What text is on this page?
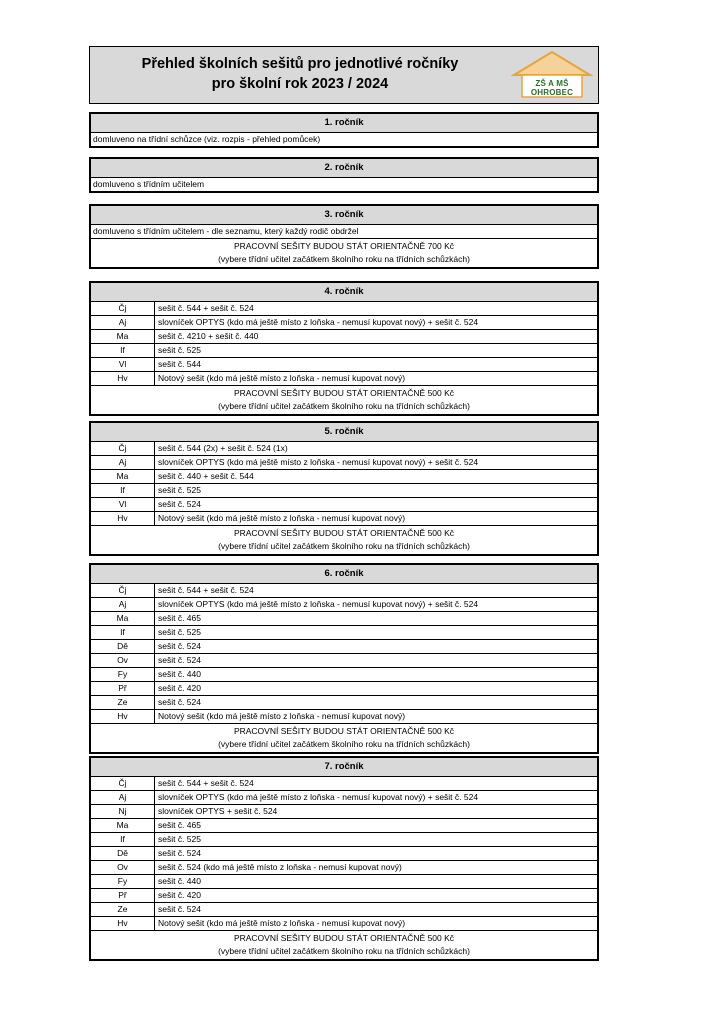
Přehled školních sešitů pro jednotlivé ročníky
pro školní rok 2023 / 2024	ZŠ A MŠ OHROBEC
1. ročník
domluveno na třídní schůzce (viz. rozpis - přehled pomůcek)
2. ročník
domluveno s třídním učitelem
3. ročník
domluveno s třídním učitelem - dle seznamu, který každý rodič obdržel
PRACOVNÍ SEŠITY BUDOU STÁT ORIENTAČNĚ 700 Kč
(vybere třídní učitel začátkem školního roku na třídních schůzkách)
4. ročník
Čj	sešit č. 544 + sešit č. 524
Aj	slovníček OPTYS (kdo má ještě místo z loňska - nemusí kupovat nový) + sešit č. 524
Ma	sešit č. 4210 + sešit č. 440
If	sešit č. 525
Vl	sešit č. 544
Hv	Notový sešit (kdo má ještě místo z loňska - nemusí kupovat nový)
PRACOVNÍ SEŠITY BUDOU STÁT ORIENTAČNĚ 500 Kč
(vybere třídní učitel začátkem školního roku na třídních schůzkách)
5. ročník
Čj	sešit č. 544 (2x) + sešit č. 524 (1x)
Aj	slovníček OPTYS (kdo má ještě místo z loňska - nemusí kupovat nový) + sešit č. 524
Ma	sešit č. 440 + sešit č. 544
If	sešit č. 525
Vl	sešit č. 524
Hv	Notový sešit (kdo má ještě místo z loňska - nemusí kupovat nový)
PRACOVNÍ SEŠITY BUDOU STÁT ORIENTAČNĚ 500 Kč
(vybere třídní učitel začátkem školního roku na třídních schůzkách)
6. ročník
Čj	sešit č. 544 + sešit č. 524
Aj	slovníček OPTYS (kdo má ještě místo z loňska - nemusí kupovat nový) + sešit č. 524
Ma	sešit č. 465
If	sešit č. 525
Dě	sešit č. 524
Ov	sešit č. 524
Fy	sešit č. 440
Př	sešit č. 420
Ze	sešit č. 524
Hv	Notový sešit (kdo má ještě místo z loňska - nemusí kupovat nový)
PRACOVNÍ SEŠITY BUDOU STÁT ORIENTAČNĚ 500 Kč
(vybere třídní učitel začátkem školního roku na třídních schůzkách)
7. ročník
Čj	sešit č. 544 + sešit č. 524
Aj	slovníček OPTYS (kdo má ještě místo z loňska - nemusí kupovat nový) + sešit č. 524
Nj	slovníček OPTYS + sešit č. 524
Ma	sešit č. 465
If	sešit č. 525
Dě	sešit č. 524
Ov	sešit č. 524 (kdo má ještě místo z loňska - nemusí kupovat nový)
Fy	sešit č. 440
Př	sešit č. 420
Ze	sešit č. 524
Hv	Notový sešit (kdo má ještě místo z loňska - nemusí kupovat nový)
PRACOVNÍ SEŠITY BUDOU STÁT ORIENTAČNĚ 500 Kč
(vybere třídní učitel začátkem školního roku na třídních schůzkách)
